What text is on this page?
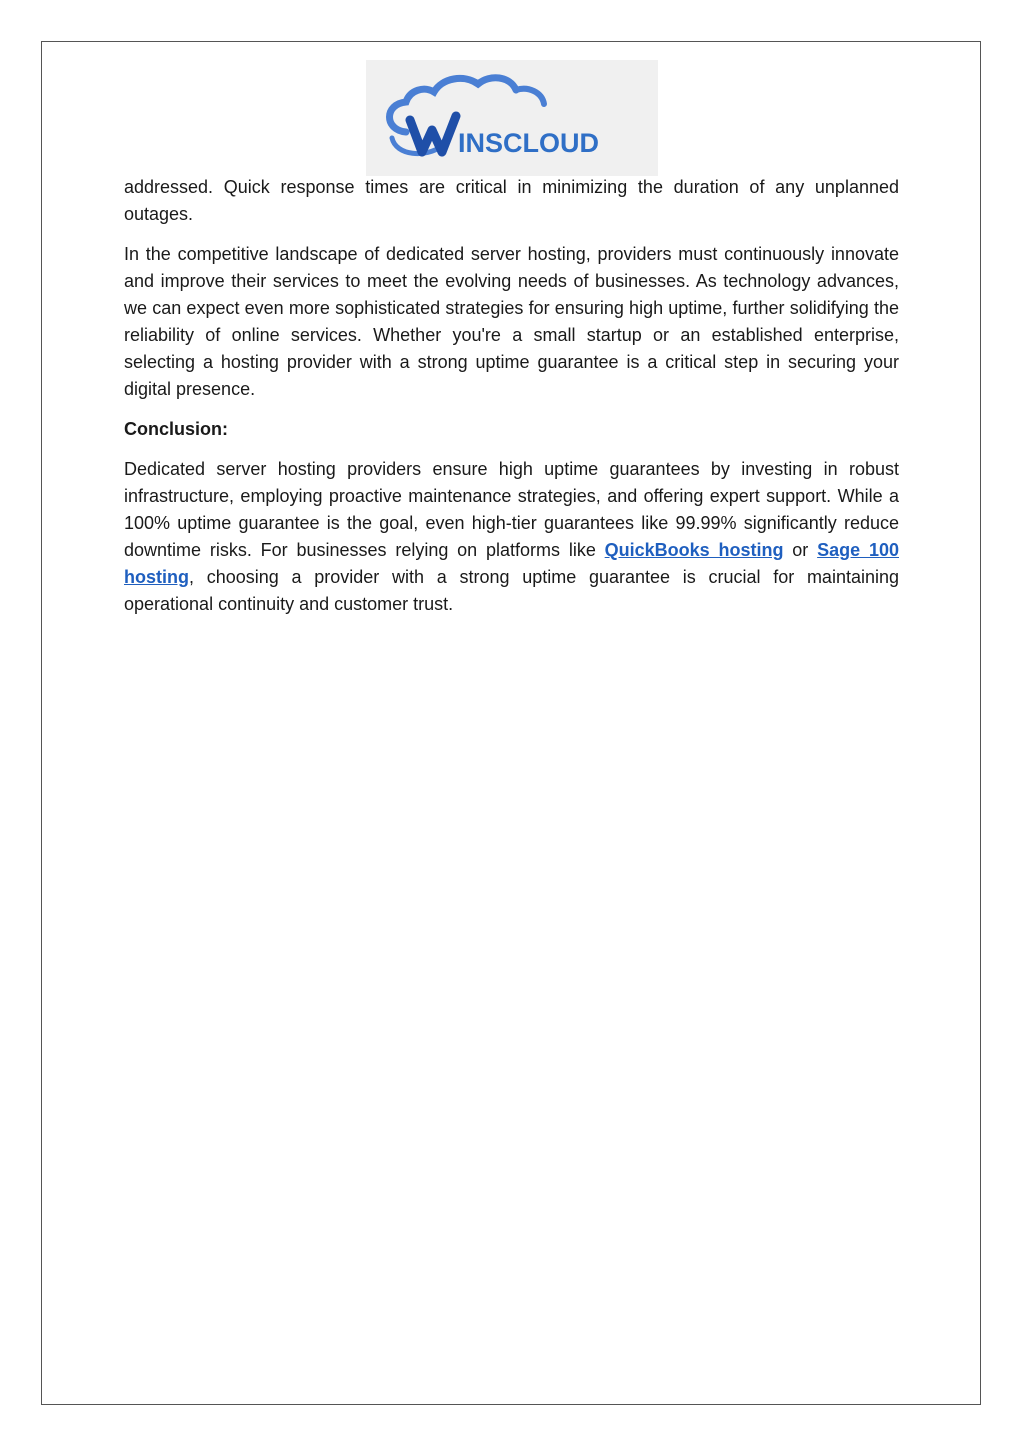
INSCLOUD

addressed. Quick response times are critical in minimizing the duration of any unplanned outages.

In the competitive landscape of dedicated server hosting, providers must continuously innovate and improve their services to meet the evolving needs of businesses. As technology advances, we can expect even more sophisticated strategies for ensuring high uptime, further solidifying the reliability of online services. Whether you're a small startup or an established enterprise, selecting a hosting provider with a strong uptime guarantee is a critical step in securing your digital presence.

Conclusion:

Dedicated server hosting providers ensure high uptime guarantees by investing in robust infrastructure, employing proactive maintenance strategies, and offering expert support. While a 100% uptime guarantee is the goal, even high-tier guarantees like 99.99% significantly reduce downtime risks. For businesses relying on platforms like QuickBooks hosting or Sage 100 hosting, choosing a provider with a strong uptime guarantee is crucial for maintaining operational continuity and customer trust.
